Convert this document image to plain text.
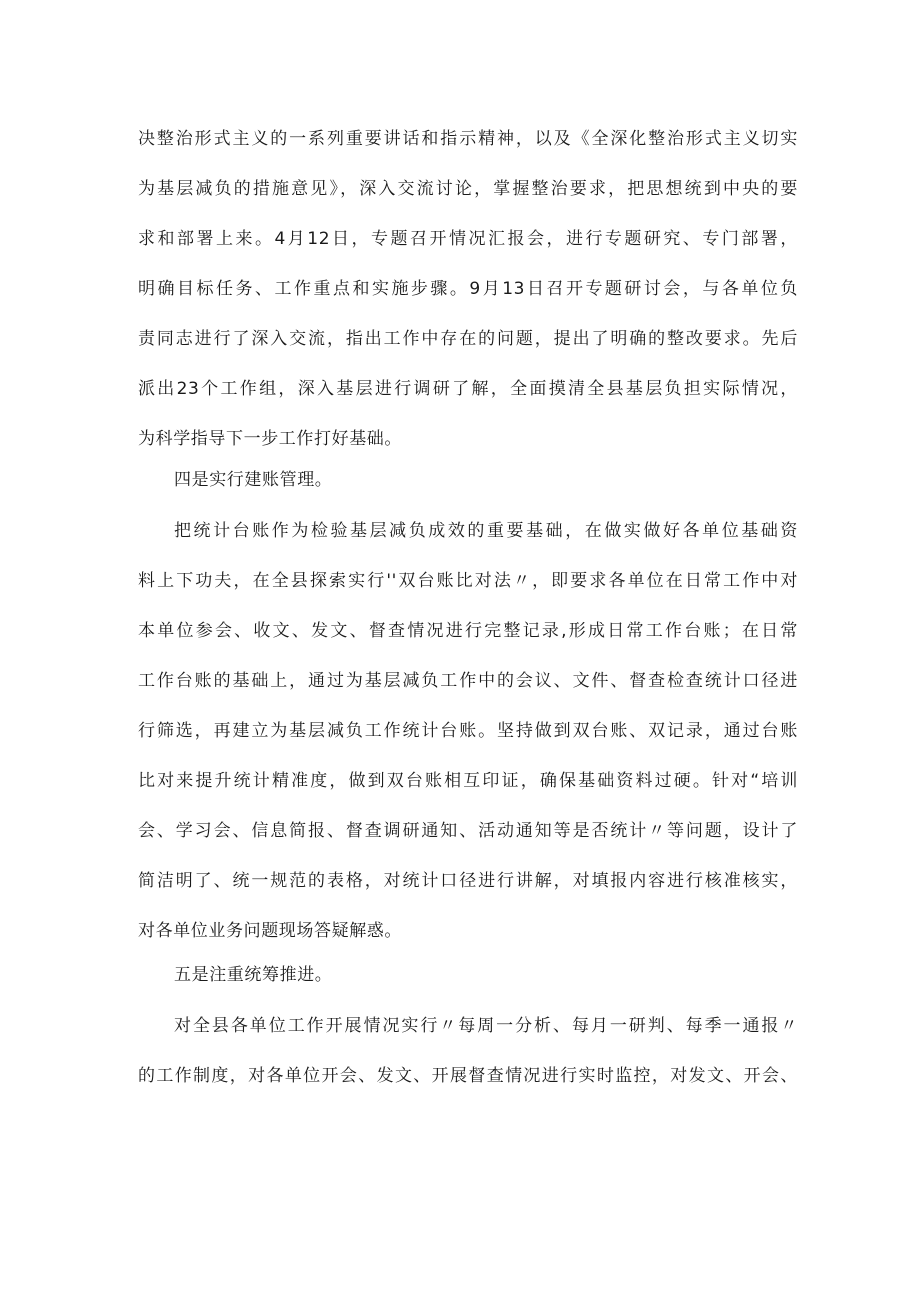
决整治形式主义的一系列重要讲话和指示精神，以及《全深化整治形式主义切实
为基层减负的措施意见》，深入交流讨论，掌握整治要求，把思想统到中央的要
求和部署上来。4月12日，专题召开情况汇报会，进行专题研究、专门部署，
明确目标任务、工作重点和实施步骤。9月13日召开专题研讨会，与各单位负
责同志进行了深入交流，指出工作中存在的问题，提出了明确的整改要求。先后
派出23个工作组，深入基层进行调研了解，全面摸清全县基层负担实际情况，
为科学指导下一步工作打好基础。
四是实行建账管理。
把统计台账作为检验基层减负成效的重要基础，在做实做好各单位基础资
料上下功夫，在全县探索实行''双台账比对法〃，即要求各单位在日常工作中对
本单位参会、收文、发文、督查情况进行完整记录,形成日常工作台账；在日常
工作台账的基础上，通过为基层减负工作中的会议、文件、督查检查统计口径进
行筛选，再建立为基层减负工作统计台账。坚持做到双台账、双记录，通过台账
比对来提升统计精准度，做到双台账相互印证，确保基础资料过硬。针对“培训
会、学习会、信息简报、督查调研通知、活动通知等是否统计〃等问题，设计了
简洁明了、统一规范的表格，对统计口径进行讲解，对填报内容进行核准核实，
对各单位业务问题现场答疑解惑。
五是注重统筹推进。
对全县各单位工作开展情况实行〃每周一分析、每月一研判、每季一通报〃
的工作制度，对各单位开会、发文、开展督查情况进行实时监控，对发文、开会、
